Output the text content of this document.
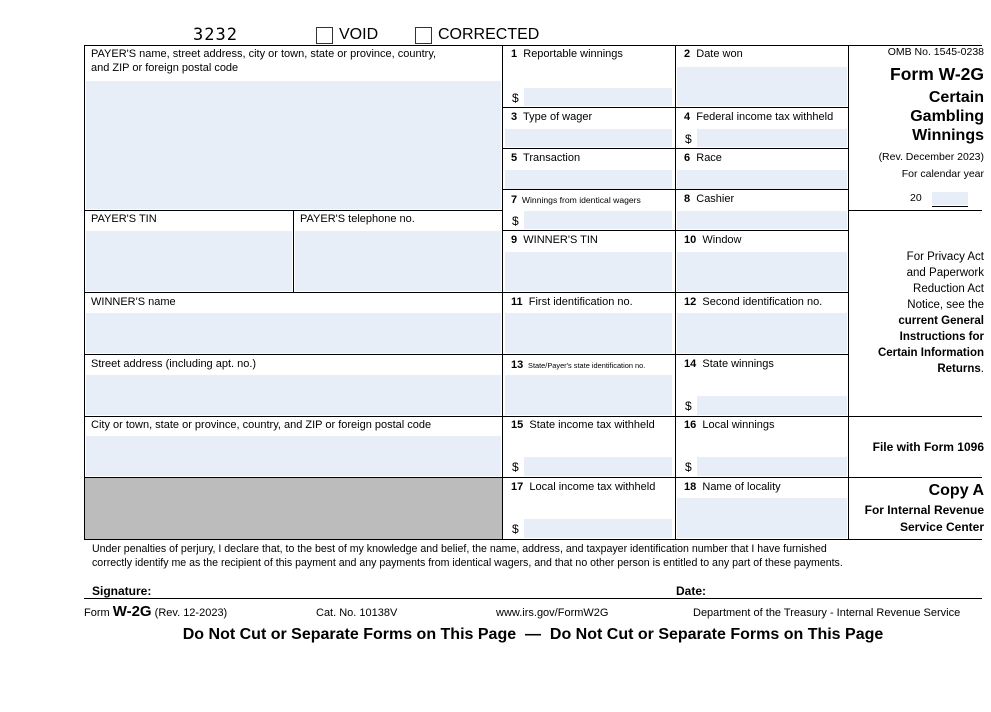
3232	VOID	CORRECTED
PAYER'S name, street address, city or town, state or province, country,
and ZIP or foreign postal code
PAYER'S TIN	PAYER'S telephone no.
WINNER'S name
Street address (including apt. no.)
City or town, state or province, country, and ZIP or foreign postal code
1 Reportable winnings	2 Date won
$
3 Type of wager	4 Federal income tax withheld
$
5 Transaction	6 Race
7 Winnings from identical wagers	8 Cashier
$
9 WINNER'S TIN	10 Window
11 First identification no.	12 Second identification no.
13 State/Payer's state identification no.	14 State winnings
$
15 State income tax withheld	16 Local winnings
$	$
17 Local income tax withheld	18 Name of locality
$
OMB No. 1545-0238
Form W-2G
Certain
Gambling
Winnings
(Rev. December 2023)
For calendar year
20
For Privacy Act
and Paperwork
Reduction Act
Notice, see the
current General
Instructions for
Certain Information
Returns.
File with Form 1096
Copy A
For Internal Revenue
Service Center
Under penalties of perjury, I declare that, to the best of my knowledge and belief, the name, address, and taxpayer identification number that I have furnished
correctly identify me as the recipient of this payment and any payments from identical wagers, and that no other person is entitled to any part of these payments.
Signature:	Date:
Form W-2G (Rev. 12-2023)	Cat. No. 10138V	www.irs.gov/FormW2G	Department of the Treasury - Internal Revenue Service
Do Not Cut or Separate Forms on This Page  —  Do Not Cut or Separate Forms on This Page
